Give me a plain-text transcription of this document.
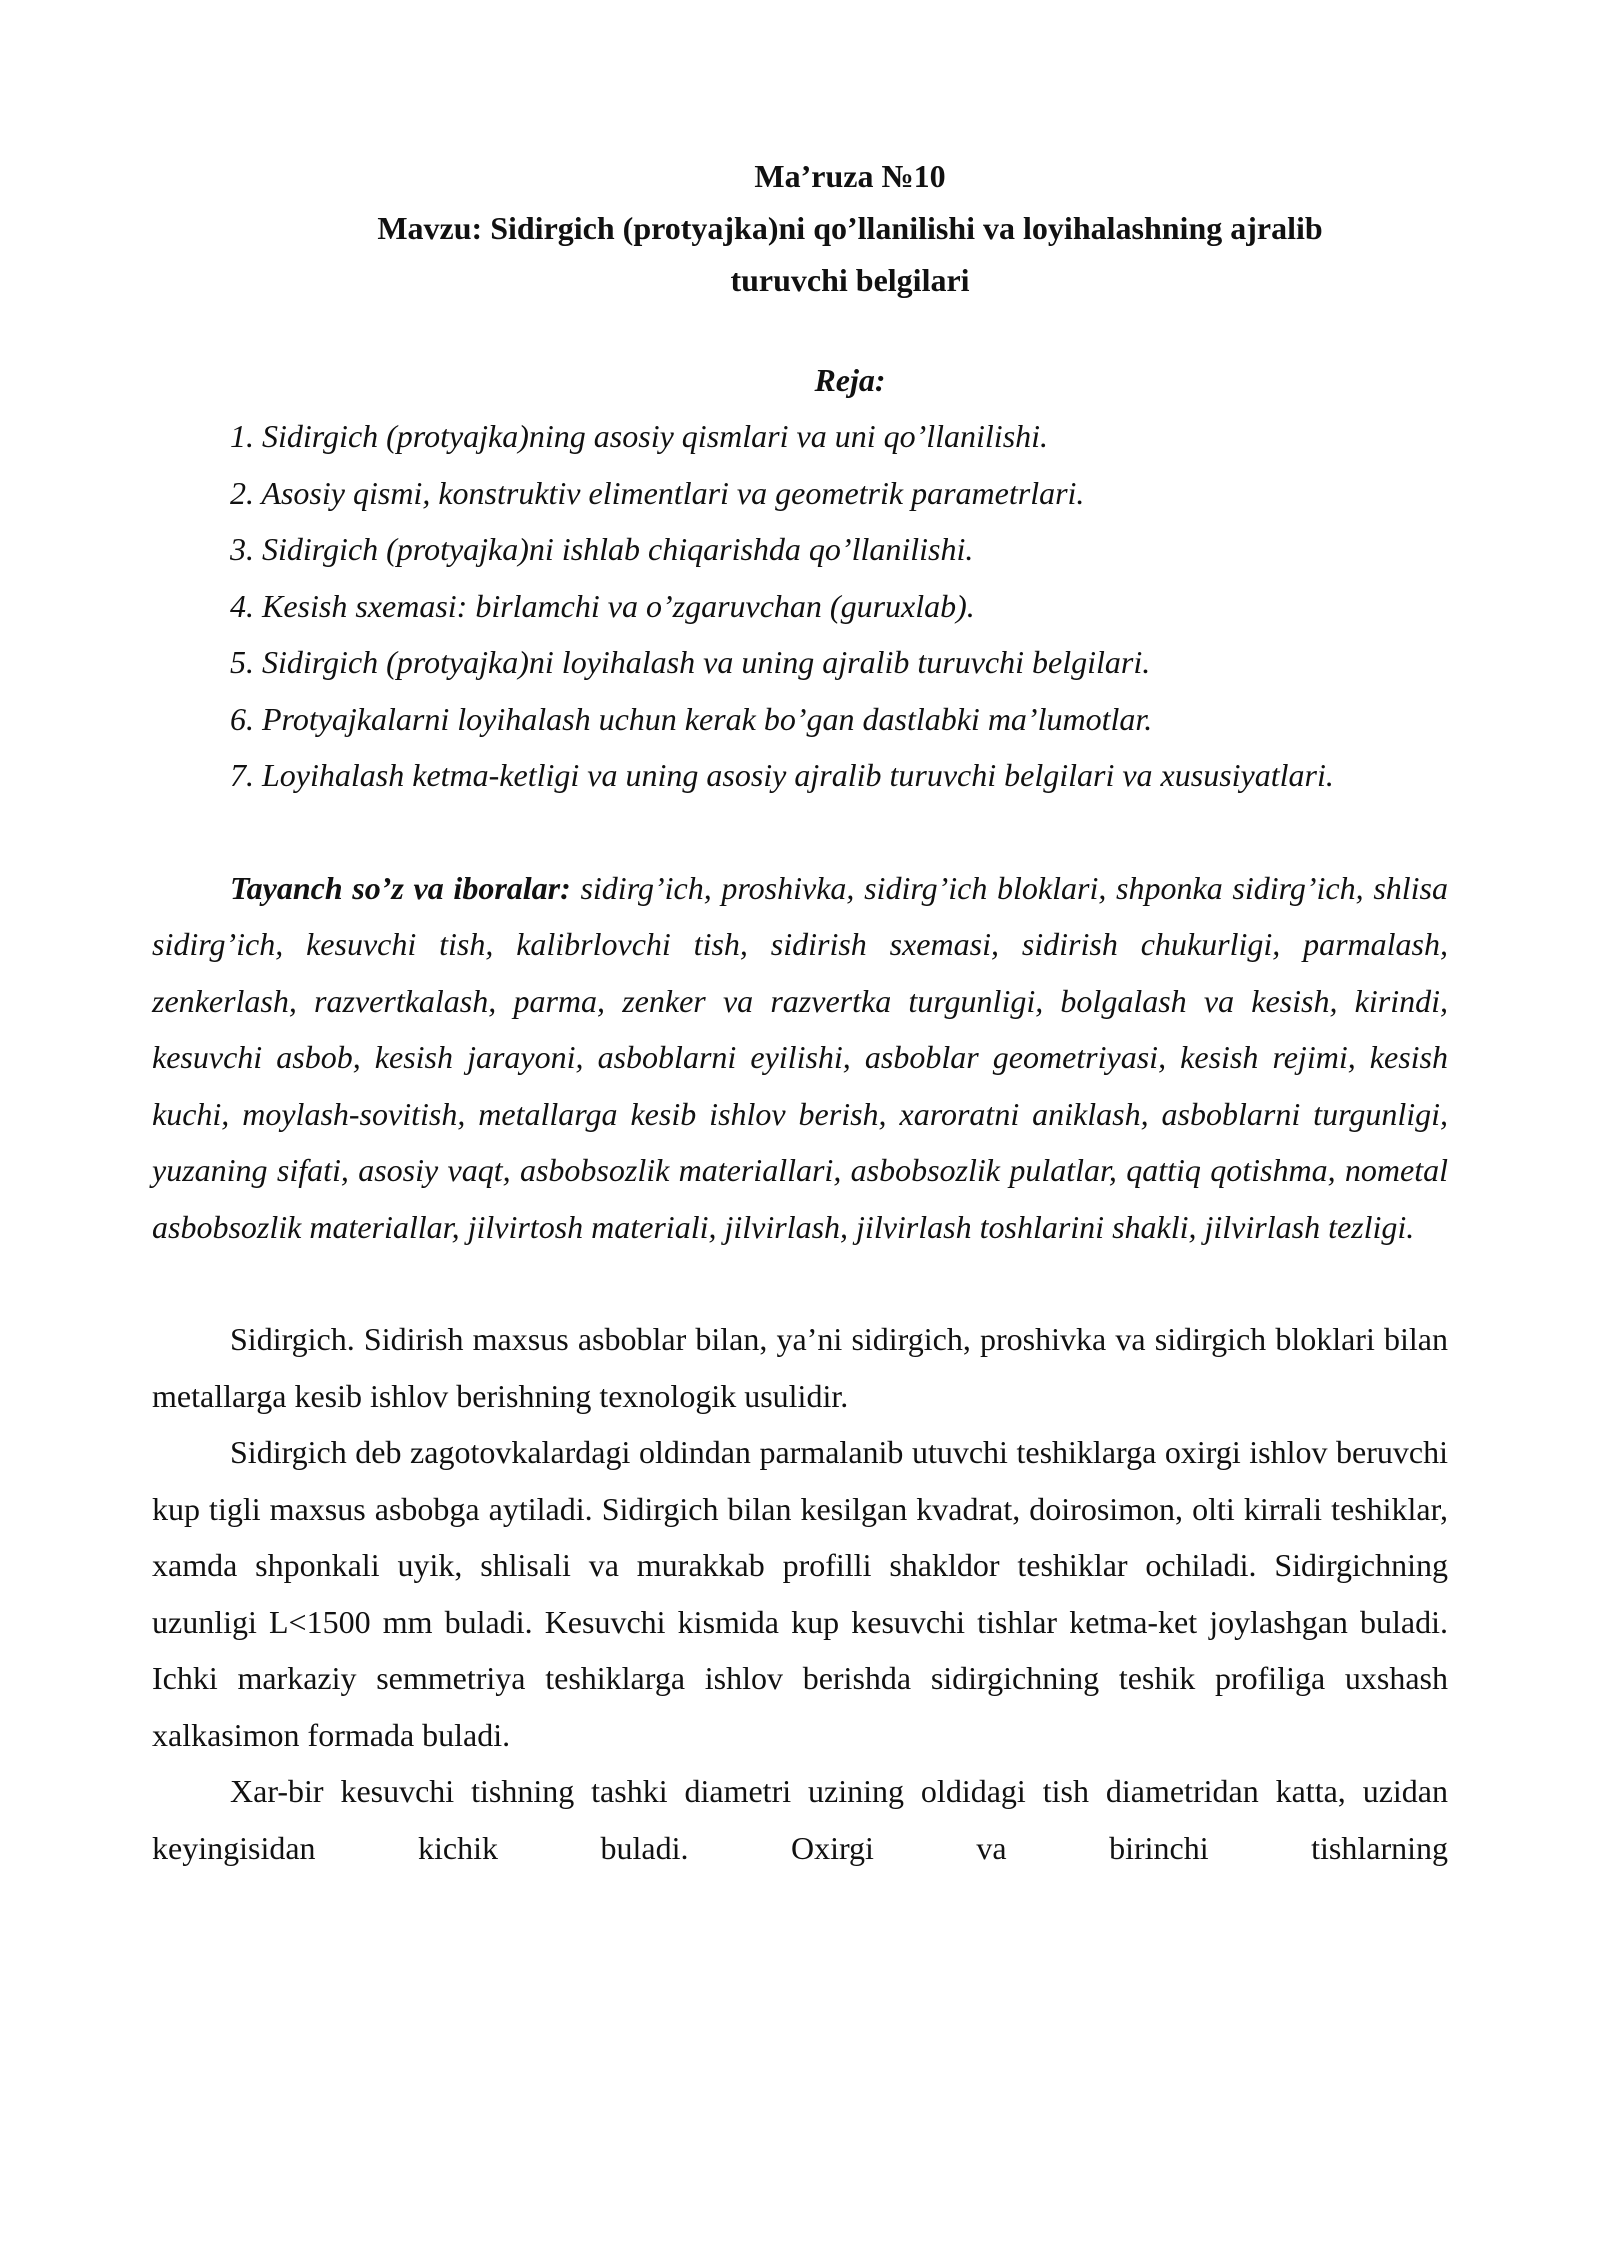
Ma’ruza №10
Mavzu: Sidirgich (protyajka)ni qo’llanilishi va loyihalashning ajralib
turuvchi belgilari
Reja:
1. Sidirgich (protyajka)ning asosiy qismlari va uni qo’llanilishi.
2. Asosiy qismi, konstruktiv elimentlari va geometrik parametrlari.
3. Sidirgich (protyajka)ni ishlab chiqarishda qo’llanilishi.
4. Kesish sxemasi: birlamchi va o’zgaruvchan (guruxlab).
5. Sidirgich (protyajka)ni loyihalash va uning ajralib turuvchi belgilari.
6. Protyajkalarni loyihalash uchun kerak bo’gan dastlabki ma’lumotlar.
7. Loyihalash ketma-ketligi va uning asosiy ajralib turuvchi belgilari va xususiyatlari.
Tayanch so’z va iboralar: sidirg’ich, proshivka, sidirg’ich bloklari, shponka sidirg’ich, shlisa sidirg’ich, kesuvchi tish, kalibrlovchi tish, sidirish sxemasi, sidirish chukurligi, parmalash, zenkerlash, razvertkalash, parma, zenker va razvertka turgunligi, bolgalash va kesish, kirindi, kesuvchi asbob, kesish jarayoni, asboblarni eyilishi, asboblar geometriyasi, kesish rejimi, kesish kuchi, moylash-sovitish, metallarga kesib ishlov berish, xaroratni aniklash, asboblarni turgunligi, yuzaning sifati, asosiy vaqt, asbobsozlik materiallari, asbobsozlik pulatlar, qattiq qotishma, nometal asbobsozlik materiallar, jilvirtosh materiali, jilvirlash, jilvirlash toshlarini shakli, jilvirlash tezligi.

Sidirgich. Sidirish maxsus asboblar bilan, ya’ni sidirgich, proshivka va sidirgich bloklari bilan metallarga kesib ishlov berishning texnologik usulidir.

Sidirgich deb zagotovkalardagi oldindan parmalanib utuvchi teshiklarga oxirgi ishlov beruvchi kup tigli maxsus asbobga aytiladi. Sidirgich bilan kesilgan kvadrat, doirosimon, olti kirrali teshiklar, xamda shponkali uyik, shlisali va murakkab profilli shakldor teshiklar ochiladi. Sidirgichning uzunligi L<1500 mm buladi. Kesuvchi kismida kup kesuvchi tishlar ketma-ket joylashgan buladi. Ichki markaziy semmetriya teshiklarga ishlov berishda sidirgichning teshik profiliga uxshash xalkasimon formada buladi.

Xar-bir kesuvchi tishning tashki diametri uzining oldidagi tish diametridan katta, uzidan keyingisidan kichik buladi. Oxirgi va birinchi tishlarning
